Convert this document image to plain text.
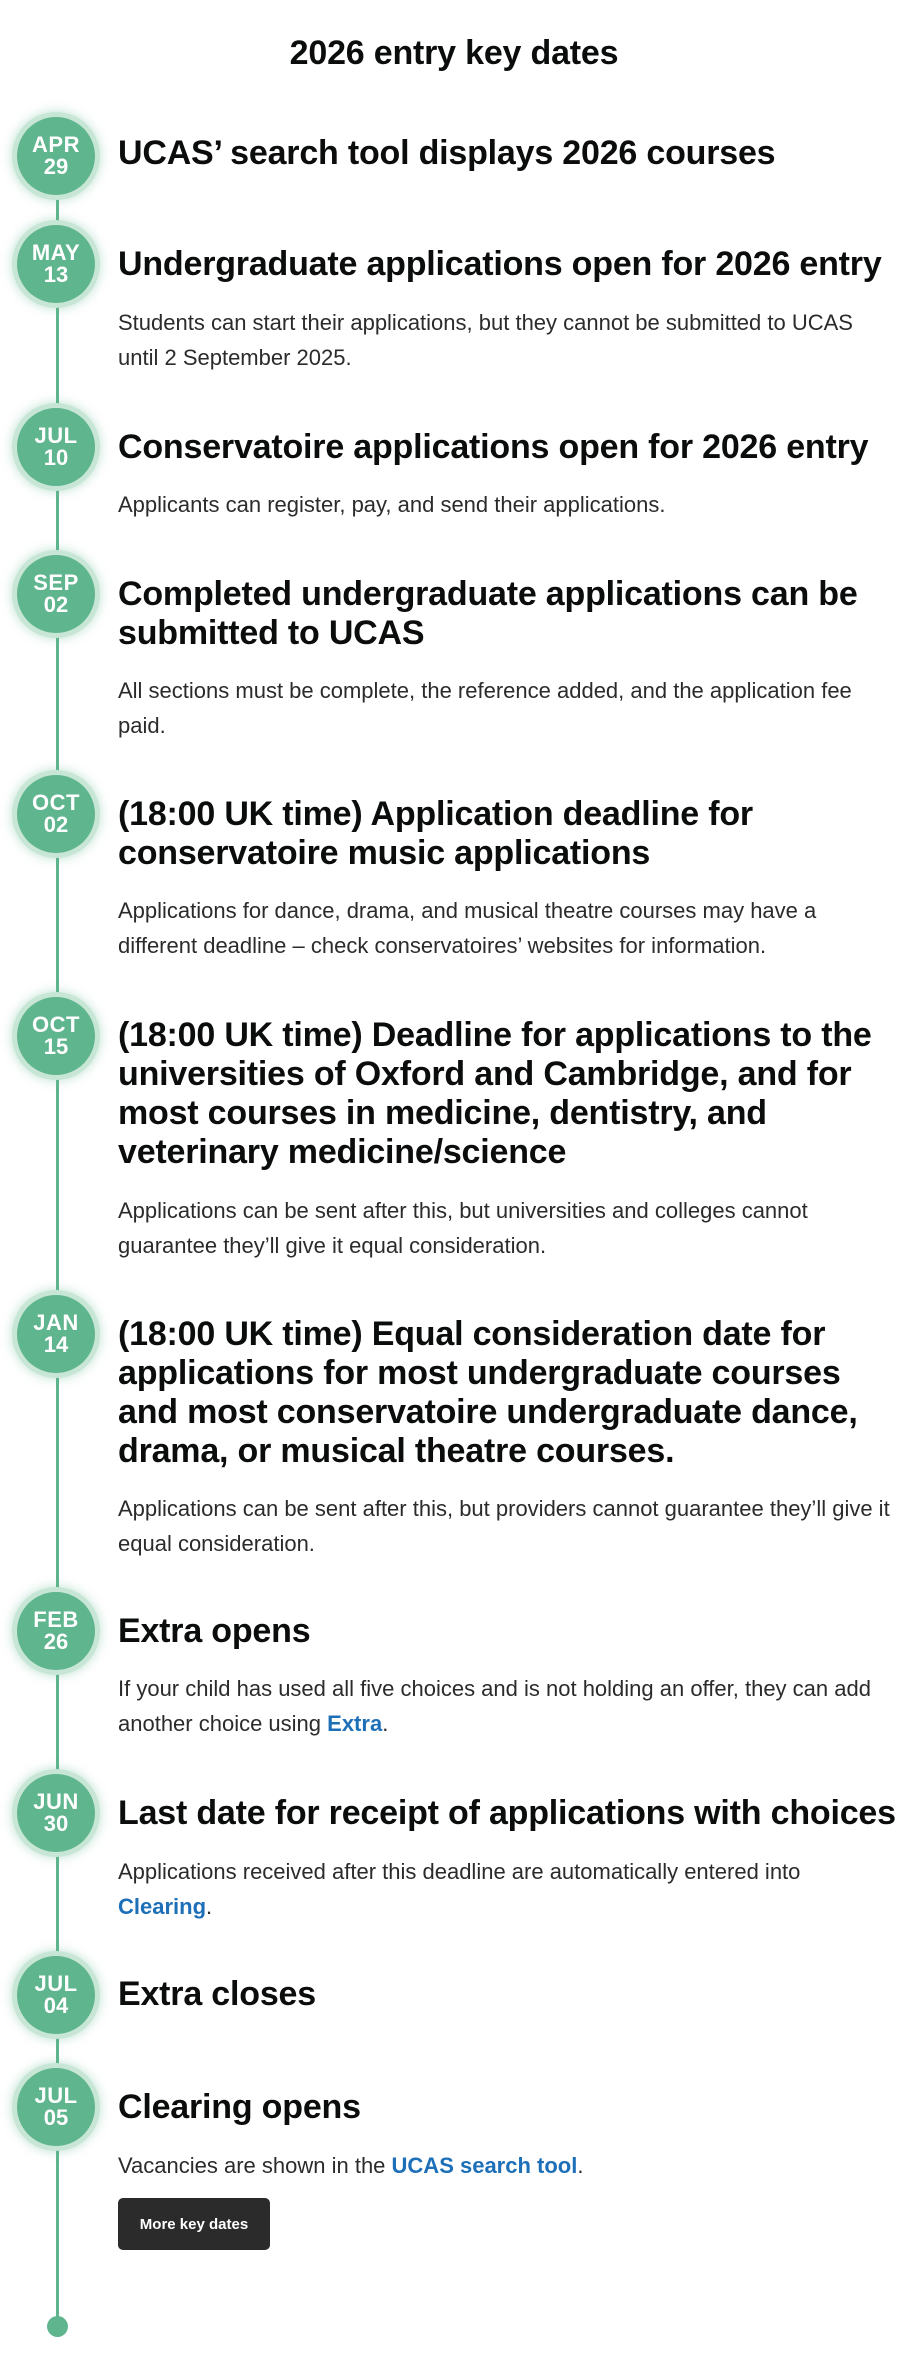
2026 entry key dates
APR
29 UCAS’ search tool displays 2026 courses
MAY
13 Undergraduate applications open for 2026 entry

Students can start their applications, but they cannot be submitted to UCAS until 2 September 2025.

JUL
10 Conservatoire applications open for 2026 entry

Applicants can register, pay, and send their applications.

SEP
02 Completed undergraduate applications can be submitted to UCAS

All sections must be complete, the reference added, and the application fee paid.

OCT
02 (18:00 UK time) Application deadline for conservatoire music applications

Applications for dance, drama, and musical theatre courses may have a different deadline – check conservatoires’ websites for information.

OCT
15 (18:00 UK time) Deadline for applications to the universities of Oxford and Cambridge, and for most courses in medicine, dentistry, and veterinary medicine/science

Applications can be sent after this, but universities and colleges cannot guarantee they’ll give it equal consideration.

JAN
14 (18:00 UK time) Equal consideration date for applications for most undergraduate courses and most conservatoire undergraduate dance, drama, or musical theatre courses.

Applications can be sent after this, but providers cannot guarantee they’ll give it equal consideration.

FEB
26 Extra opens

If your child has used all five choices and is not holding an offer, they can add another choice using Extra.

JUN
30 Last date for receipt of applications with choices

Applications received after this deadline are automatically entered into Clearing.

JUL
04 Extra closes
JUL
05 Clearing opens

Vacancies are shown in the UCAS search tool.

More key dates
